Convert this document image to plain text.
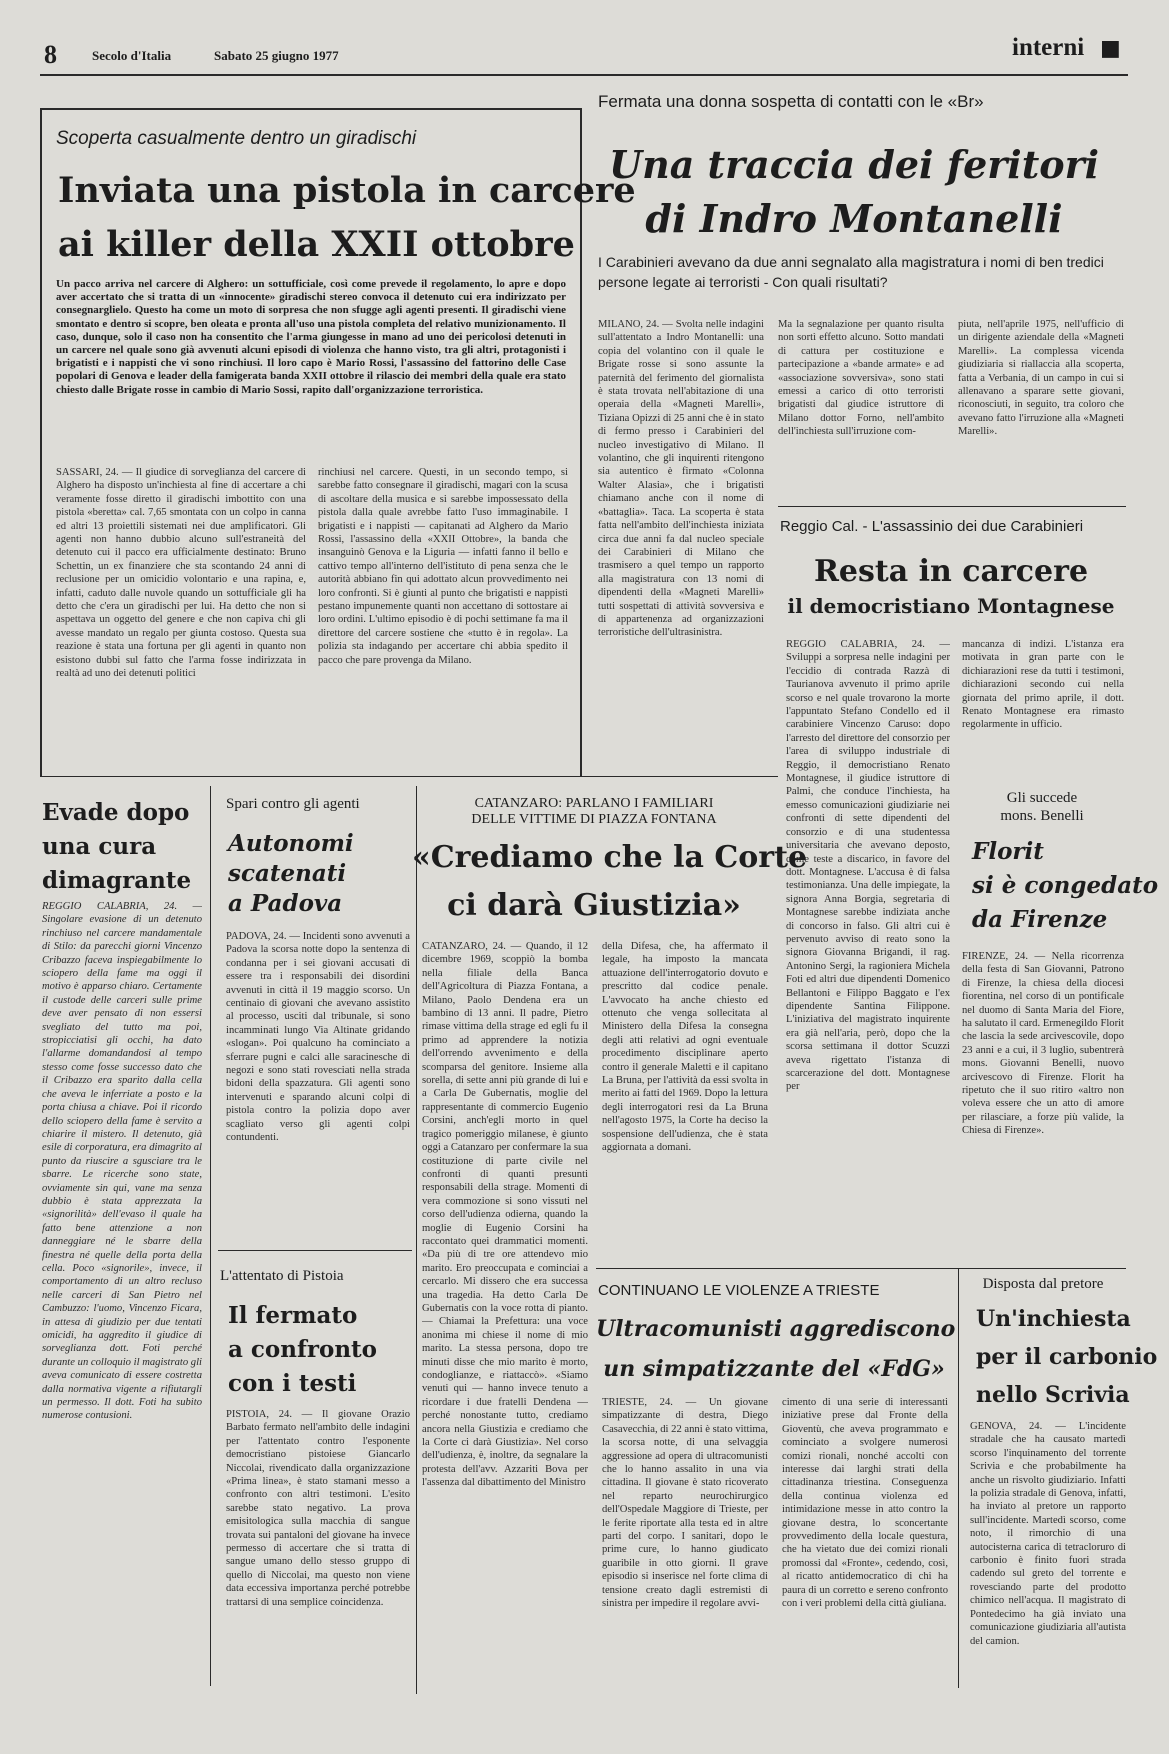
8	Secolo d'Italia	Sabato 25 giugno 1977	interni ■
Scoperta casualmente dentro un giradischi
Inviata una pistola in carcere
ai killer della XXII ottobre
Un pacco arriva nel carcere di Alghero: un sottufficiale, così come prevede il regolamento, lo apre e dopo aver accertato che si tratta di un «innocente» giradischi stereo convoca il detenuto cui era indirizzato per consegnarglielo. Questo ha come un moto di sorpresa che non sfugge agli agenti presenti. Il giradischi viene smontato e dentro si scopre, ben oleata e pronta all'uso una pistola completa del relativo munizionamento. Il caso, dunque, solo il caso non ha consentito che l'arma giungesse in mano ad uno dei pericolosi detenuti in un carcere nel quale sono già avvenuti alcuni episodi di violenza che hanno visto, tra gli altri, protagonisti i brigatisti e i nappisti che vi sono rinchiusi. Il loro capo è Mario Rossi, l'assassino del fattorino delle Case popolari di Genova e leader della famigerata banda XXII ottobre il rilascio dei membri della quale era stato chiesto dalle Brigate rosse in cambio di Mario Sossi, rapito dall'organizzazione terroristica.
SASSARI, 24. — Il giudice di sorveglianza del carcere di Alghero ha disposto un'inchiesta al fine di accertare a chi veramente fosse diretto il giradischi imbottito con una pistola «beretta» cal. 7,65 smontata con un colpo in canna ed altri 13 proiettili sistemati nei due amplificatori. Gli agenti non hanno dubbio alcuno sull'estraneità del detenuto cui il pacco era ufficialmente destinato: Bruno Schettin, un ex finanziere che sta scontando 24 anni di reclusione per un omicidio volontario e una rapina, e, infatti, caduto dalle nuvole quando un sottufficiale gli ha detto che c'era un giradischi per lui. Ha detto che non si aspettava un oggetto del genere e che non capiva chi gli avesse mandato un regalo per giunta costoso. Questa sua reazione è stata una fortuna per gli agenti in quanto non esistono dubbi sul fatto che l'arma fosse indirizzata in realtà ad uno dei detenuti politici
rinchiusi nel carcere. Questi, in un secondo tempo, si sarebbe fatto consegnare il giradischi, magari con la scusa di ascoltare della musica e si sarebbe impossessato della pistola dalla quale avrebbe fatto l'uso immaginabile. I brigatisti e i nappisti — capitanati ad Alghero da Mario Rossi, l'assassino della «XXII Ottobre», la banda che insanguinò Genova e la Liguria — infatti fanno il bello e cattivo tempo all'interno dell'istituto di pena senza che le autorità abbiano fin qui adottato alcun provvedimento nei loro confronti. Si è giunti al punto che brigatisti e nappisti pestano impunemente quanti non accettano di sottostare ai loro ordini. L'ultimo episodio è di pochi settimane fa ma il direttore del carcere sostiene che «tutto è in regola». La polizia sta indagando per accertare chi abbia spedito il pacco che pare provenga da Milano.
Fermata una donna sospetta di contatti con le «Br»
Una traccia dei feritori
di Indro Montanelli
I Carabinieri avevano da due anni segnalato alla magistratura i nomi di ben tredici persone legate ai terroristi - Con quali risultati?
MILANO, 24. — Svolta nelle indagini sull'attentato a Indro Montanelli: una copia del volantino con il quale le Brigate rosse si sono assunte la paternità del ferimento del giornalista è stata trovata nell'abitazione di una operaia della «Magneti Marelli», Tiziana Opizzi di 25 anni che è in stato di fermo presso i Carabinieri del nucleo investigativo di Milano. Il volantino, che gli inquirenti ritengono sia autentico è firmato «Colonna Walter Alasia», che i brigatisti chiamano anche con il nome di «battaglia». Taca. La scoperta è stata fatta nell'ambito dell'inchiesta iniziata circa due anni fa dal nucleo speciale dei Carabinieri di Milano che trasmisero a quel tempo un rapporto alla magistratura con 13 nomi di dipendenti della «Magneti Marelli» tutti sospettati di attività sovversiva e di appartenenza ad organizzazioni terroristiche dell'ultrasinistra.
Ma la segnalazione per quanto risulta non sortì effetto alcuno. Sotto mandati di cattura per costituzione e partecipazione a «bande armate» e ad «associazione sovversiva», sono stati emessi a carico di otto terroristi brigatisti dal giudice istruttore di Milano dottor Forno, nell'ambito dell'inchiesta sull'irruzione com-
piuta, nell'aprile 1975, nell'ufficio di un dirigente aziendale della «Magneti Marelli». La complessa vicenda giudiziaria si riallaccia alla scoperta, fatta a Verbania, di un campo in cui si allenavano a sparare sette giovani, riconosciuti, in seguito, tra coloro che avevano fatto l'irruzione alla «Magneti Marelli».
Reggio Cal. - L'assassinio dei due Carabinieri
Resta in carcere
il democristiano Montagnese
REGGIO CALABRIA, 24. — Sviluppi a sorpresa nelle indagini per l'eccidio di contrada Razzà di Taurianova avvenuto il primo aprile scorso e nel quale trovarono la morte l'appuntato Stefano Condello ed il carabiniere Vincenzo Caruso: dopo l'arresto del direttore del consorzio per l'area di sviluppo industriale di Reggio, il democristiano Renato Montagnese, il giudice istruttore di Palmi, che conduce l'inchiesta, ha emesso comunicazioni giudiziarie nei confronti di sette dipendenti del consorzio e di una studentessa universitaria che avevano deposto, come teste a discarico, in favore del dott. Montagnese. L'accusa è di falsa testimonianza. Una delle impiegate, la signora Anna Borgia, segretaria di Montagnese sarebbe indiziata anche di concorso in falso. Gli altri cui è pervenuto avviso di reato sono la signora Giovanna Brigandi, il rag. Antonino Sergi, la ragioniera Michela Foti ed altri due dipendenti Domenico Bellantoni e Filippo Baggato e l'ex dipendente Santina Filippone. L'iniziativa del magistrato inquirente era già nell'aria, però, dopo che la scorsa settimana il dottor Scuzzi aveva rigettato l'istanza di scarcerazione del dott. Montagnese per
mancanza di indizi. L'istanza era motivata in gran parte con le dichiarazioni rese da tutti i testimoni, dichiarazioni secondo cui nella giornata del primo aprile, il dott. Renato Montagnese era rimasto regolarmente in ufficio.
Evade dopo una cura dimagrante
REGGIO CALABRIA, 24. — Singolare evasione di un detenuto rinchiuso nel carcere mandamentale di Stilo: da parecchi giorni Vincenzo Cribazzo faceva inspiegabilmente lo sciopero della fame ma oggi il motivo è apparso chiaro. Certamente il custode delle carceri sulle prime deve aver pensato di non essersi svegliato del tutto ma poi, stropicciatisi gli occhi, ha dato l'allarme domandandosi al tempo stesso come fosse successo dato che il Cribazzo era sparito dalla cella che aveva le inferriate a posto e la porta chiusa a chiave. Poi il ricordo dello sciopero della fame è servito a chiarire il mistero. Il detenuto, già esile di corporatura, era dimagrito al punto da riuscire a sgusciare tra le sbarre. Le ricerche sono state, ovviamente sin qui, vane ma senza dubbio è stata apprezzata la «signorilità» dell'evaso il quale ha fatto bene attenzione a non danneggiare né le sbarre della finestra né quelle della porta della cella. Poco «signorile», invece, il comportamento di un altro recluso nelle carceri di San Pietro nel Cambuzzo: l'uomo, Vincenzo Ficara, in attesa di giudizio per due tentati omicidi, ha aggredito il giudice di sorveglianza dott. Foti perché durante un colloquio il magistrato gli aveva comunicato di essere costretta dalla normativa vigente a rifiutargli un permesso. Il dott. Foti ha subito numerose contusioni.
Spari contro gli agenti
Autonomi
scatenati
a Padova
PADOVA, 24. — Incidenti sono avvenuti a Padova la scorsa notte dopo la sentenza di condanna per i sei giovani accusati di essere tra i responsabili dei disordini avvenuti in città il 19 maggio scorso. Un centinaio di giovani che avevano assistito al processo, usciti dal tribunale, si sono incamminati lungo Via Altinate gridando «slogan». Poi qualcuno ha cominciato a sferrare pugni e calci alle saracinesche di negozi e sono stati rovesciati nella strada bidoni della spazzatura. Gli agenti sono intervenuti e sparando alcuni colpi di pistola contro la polizia dopo aver scagliato verso gli agenti colpi contundenti.
L'attentato di Pistoia
Il fermato
a confronto
con i testi
PISTOIA, 24. — Il giovane Orazio Barbato fermato nell'ambito delle indagini per l'attentato contro l'esponente democristiano pistoiese Giancarlo Niccolai, rivendicato dalla organizzazione «Prima linea», è stato stamani messo a confronto con altri testimoni. L'esito sarebbe stato negativo. La prova emisitologica sulla macchia di sangue trovata sui pantaloni del giovane ha invece permesso di accertare che si tratta di sangue umano dello stesso gruppo di quello di Niccolai, ma questo non viene data eccessiva importanza perché potrebbe trattarsi di una semplice coincidenza.
CATANZARO: PARLANO I FAMILIARI
DELLE VITTIME DI PIAZZA FONTANA
«Crediamo che la Corte
ci darà Giustizia»
CATANZARO, 24. — Quando, il 12 dicembre 1969, scoppiò la bomba nella filiale della Banca dell'Agricoltura di Piazza Fontana, a Milano, Paolo Dendena era un bambino di 13 anni. Il padre, Pietro rimase vittima della strage ed egli fu il primo ad apprendere la notizia dell'orrendo avvenimento e della scomparsa del genitore. Insieme alla sorella, di sette anni più grande di lui e a Carla De Gubernatis, moglie del rappresentante di commercio Eugenio Corsini, anch'egli morto in quel tragico pomeriggio milanese, è giunto oggi a Catanzaro per confermare la sua costituzione di parte civile nel confronti di quanti presunti responsabili della strage. Momenti di vera commozione si sono vissuti nel corso dell'udienza odierna, quando la moglie di Eugenio Corsini ha raccontato quei drammatici momenti. «Da più di tre ore attendevo mio marito. Ero preoccupata e cominciai a cercarlo. Mi dissero che era successa una tragedia. Ha detto Carla De Gubernatis con la voce rotta di pianto. — Chiamai la Prefettura: una voce anonima mi chiese il nome di mio marito. La stessa persona, dopo tre minuti disse che mio marito è morto, condoglianze, e riattaccò». «Siamo venuti qui — hanno invece tenuto a ricordare i due fratelli Dendena — perché nonostante tutto, crediamo ancora nella Giustizia e crediamo che la Corte ci darà Giustizia». Nel corso dell'udienza, è, inoltre, da segnalare la protesta dell'avv. Azzariti Bova per l'assenza dal dibattimento del Ministro
della Difesa, che, ha affermato il legale, ha imposto la mancata attuazione dell'interrogatorio dovuto e prescritto dal codice penale. L'avvocato ha anche chiesto ed ottenuto che venga sollecitata al Ministero della Difesa la consegna degli atti relativi ad ogni eventuale procedimento disciplinare aperto contro il generale Maletti e il capitano La Bruna, per l'attività da essi svolta in merito ai fatti del 1969. Dopo la lettura degli interrogatori resi da La Bruna nell'agosto 1975, la Corte ha deciso la sospensione dell'udienza, che è stata aggiornata a domani.
Gli succede
mons. Benelli
Florit
si è congedato
da Firenze
FIRENZE, 24. — Nella ricorrenza della festa di San Giovanni, Patrono di Firenze, la chiesa della diocesi fiorentina, nel corso di un pontificale nel duomo di Santa Maria del Fiore, ha salutato il card. Ermenegildo Florit che lascia la sede arcivescovile, dopo 23 anni e a cui, il 3 luglio, subentrerà mons. Giovanni Benelli, nuovo arcivescovo di Firenze. Florit ha ripetuto che il suo ritiro «altro non voleva essere che un atto di amore per rilasciare, a forze più valide, la Chiesa di Firenze».
CONTINUANO LE VIOLENZE A TRIESTE
Ultracomunisti aggrediscono
un simpatizzante del «FdG»
TRIESTE, 24. — Un giovane simpatizzante di destra, Diego Casavecchia, di 22 anni è stato vittima, la scorsa notte, di una selvaggia aggressione ad opera di ultracomunisti che lo hanno assalito in una via cittadina. Il giovane è stato ricoverato nel reparto neurochirurgico dell'Ospedale Maggiore di Trieste, per le ferite riportate alla testa ed in altre parti del corpo. I sanitari, dopo le prime cure, lo hanno giudicato guaribile in otto giorni. Il grave episodio si inserisce nel forte clima di tensione creato dagli estremisti di sinistra per impedire il regolare avvi-
cimento di una serie di interessanti iniziative prese dal Fronte della Gioventù, che aveva programmato e cominciato a svolgere numerosi comizi rionali, nonché accolti con interesse dai larghi strati della cittadinanza triestina. Conseguenza della continua violenza ed intimidazione messe in atto contro la giovane destra, lo sconcertante provvedimento della locale questura, che ha vietato due dei comizi rionali promossi dal «Fronte», cedendo, così, al ricatto antidemocratico di chi ha paura di un corretto e sereno confronto con i veri problemi della città giuliana.
Disposta dal pretore
Un'inchiesta
per il carbonio
nello Scrivia
GENOVA, 24. — L'incidente stradale che ha causato martedì scorso l'inquinamento del torrente Scrivia e che probabilmente ha anche un risvolto giudiziario. Infatti la polizia stradale di Genova, infatti, ha inviato al pretore un rapporto sull'incidente. Martedì scorso, come noto, il rimorchio di una autocisterna carica di tetracloruro di carbonio è finito fuori strada cadendo sul greto del torrente e rovesciando parte del prodotto chimico nell'acqua. Il magistrato di Pontedecimo ha già inviato una comunicazione giudiziaria all'autista del camion.
